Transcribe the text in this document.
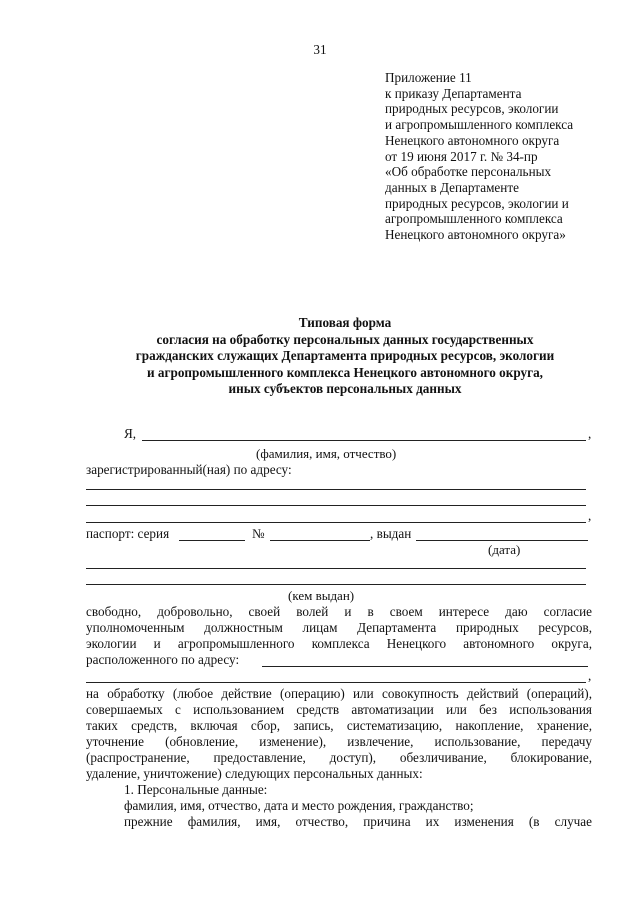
31
Приложение 11
к приказу Департамента
природных ресурсов, экологии
и агропромышленного комплекса
Ненецкого автономного округа
от 19 июня 2017 г. № 34-пр
«Об обработке персональных
данных в Департаменте
природных ресурсов, экологии и
агропромышленного комплекса
Ненецкого автономного округа»
Типовая форма
согласия на обработку персональных данных государственных
гражданских служащих Департамента природных ресурсов, экологии
и агропромышленного комплекса Ненецкого автономного округа,
иных субъектов персональных данных
Я,	,
(фамилия, имя, отчество)
зарегистрированный(ная) по адресу:
,
паспорт: серия	№	, выдан
(дата)
(кем выдан)
свободно, добровольно, своей волей и в своем интересе даю согласие
уполномоченным должностным лицам Департамента природных ресурсов,
экологии и агропромышленного комплекса Ненецкого автономного округа,
расположенного по адресу:
,
на обработку (любое действие (операцию) или совокупность действий (операций),
совершаемых с использованием средств автоматизации или без использования
таких средств, включая сбор, запись, систематизацию, накопление, хранение,
уточнение (обновление, изменение), извлечение, использование, передачу
(распространение, предоставление, доступ), обезличивание, блокирование,
удаление, уничтожение) следующих персональных данных:
1. Персональные данные:
фамилия, имя, отчество, дата и место рождения, гражданство;
прежние фамилия, имя, отчество, причина их изменения (в случае
